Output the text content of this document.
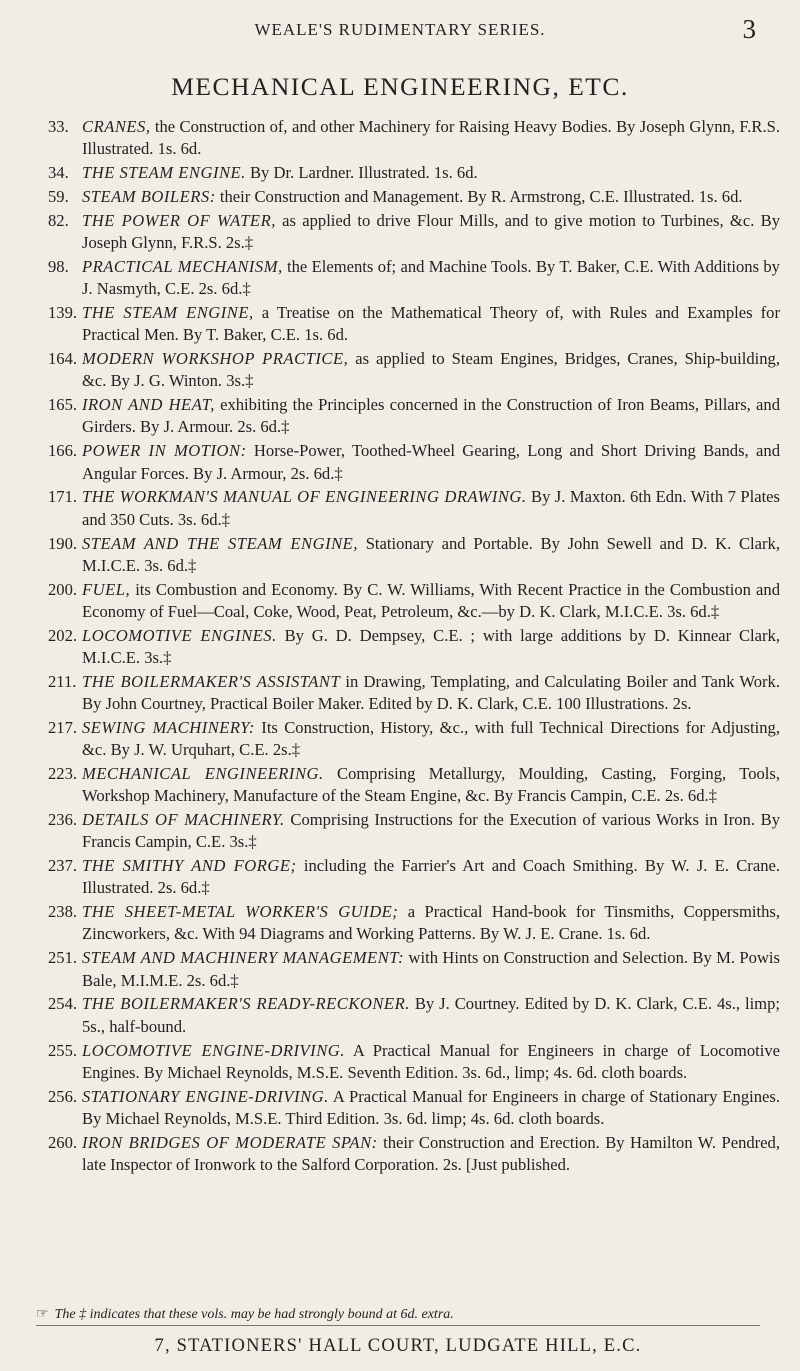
WEALE'S RUDIMENTARY SERIES.	3
MECHANICAL ENGINEERING, ETC.
33. CRANES, the Construction of, and other Machinery for Raising Heavy Bodies. By Joseph Glynn, F.R.S. Illustrated. 1s. 6d.
34. THE STEAM ENGINE. By Dr. Lardner. Illustrated. 1s. 6d.
59. STEAM BOILERS: their Construction and Management. By R. Armstrong, C.E. Illustrated. 1s. 6d.
82. THE POWER OF WATER, as applied to drive Flour Mills, and to give motion to Turbines, &c. By Joseph Glynn, F.R.S. 2s.‡
98. PRACTICAL MECHANISM, the Elements of; and Machine Tools. By T. Baker, C.E. With Additions by J. Nasmyth, C.E. 2s. 6d.‡
139. THE STEAM ENGINE, a Treatise on the Mathematical Theory of, with Rules and Examples for Practical Men. By T. Baker, C.E. 1s. 6d.
164. MODERN WORKSHOP PRACTICE, as applied to Steam Engines, Bridges, Cranes, Ship-building, &c. By J. G. Winton. 3s.‡
165. IRON AND HEAT, exhibiting the Principles concerned in the Construction of Iron Beams, Pillars, and Girders. By J. Armour. 2s. 6d.‡
166. POWER IN MOTION: Horse-Power, Toothed-Wheel Gearing, Long and Short Driving Bands, and Angular Forces. By J. Armour, 2s. 6d.‡
171. THE WORKMAN'S MANUAL OF ENGINEERING DRAWING. By J. Maxton. 6th Edn. With 7 Plates and 350 Cuts. 3s. 6d.‡
190. STEAM AND THE STEAM ENGINE, Stationary and Portable. By John Sewell and D. K. Clark, M.I.C.E. 3s. 6d.‡
200. FUEL, its Combustion and Economy. By C. W. Williams, With Recent Practice in the Combustion and Economy of Fuel—Coal, Coke, Wood, Peat, Petroleum, &c.—by D. K. Clark, M.I.C.E. 3s. 6d.‡
202. LOCOMOTIVE ENGINES. By G. D. Dempsey, C.E. ; with large additions by D. Kinnear Clark, M.I.C.E. 3s.‡
211. THE BOILERMAKER'S ASSISTANT in Drawing, Templating, and Calculating Boiler and Tank Work. By John Courtney, Practical Boiler Maker. Edited by D. K. Clark, C.E. 100 Illustrations. 2s.
217. SEWING MACHINERY: Its Construction, History, &c., with full Technical Directions for Adjusting, &c. By J. W. Urquhart, C.E. 2s.‡
223. MECHANICAL ENGINEERING. Comprising Metallurgy, Moulding, Casting, Forging, Tools, Workshop Machinery, Manufacture of the Steam Engine, &c. By Francis Campin, C.E. 2s. 6d.‡
236. DETAILS OF MACHINERY. Comprising Instructions for the Execution of various Works in Iron. By Francis Campin, C.E. 3s.‡
237. THE SMITHY AND FORGE; including the Farrier's Art and Coach Smithing. By W. J. E. Crane. Illustrated. 2s. 6d.‡
238. THE SHEET-METAL WORKER'S GUIDE; a Practical Hand-book for Tinsmiths, Coppersmiths, Zincworkers, &c. With 94 Diagrams and Working Patterns. By W. J. E. Crane. 1s. 6d.
251. STEAM AND MACHINERY MANAGEMENT: with Hints on Construction and Selection. By M. Powis Bale, M.I.M.E. 2s. 6d.‡
254. THE BOILERMAKER'S READY-RECKONER. By J. Courtney. Edited by D. K. Clark, C.E. 4s., limp; 5s., half-bound.
255. LOCOMOTIVE ENGINE-DRIVING. A Practical Manual for Engineers in charge of Locomotive Engines. By Michael Reynolds, M.S.E. Seventh Edition. 3s. 6d., limp; 4s. 6d. cloth boards.
256. STATIONARY ENGINE-DRIVING. A Practical Manual for Engineers in charge of Stationary Engines. By Michael Reynolds, M.S.E. Third Edition. 3s. 6d. limp; 4s. 6d. cloth boards.
260. IRON BRIDGES OF MODERATE SPAN: their Construction and Erection. By Hamilton W. Pendred, late Inspector of Ironwork to the Salford Corporation. 2s. [Just published.
☞ The ‡ indicates that these vols. may be had strongly bound at 6d. extra.
7, STATIONERS' HALL COURT, LUDGATE HILL, E.C.
